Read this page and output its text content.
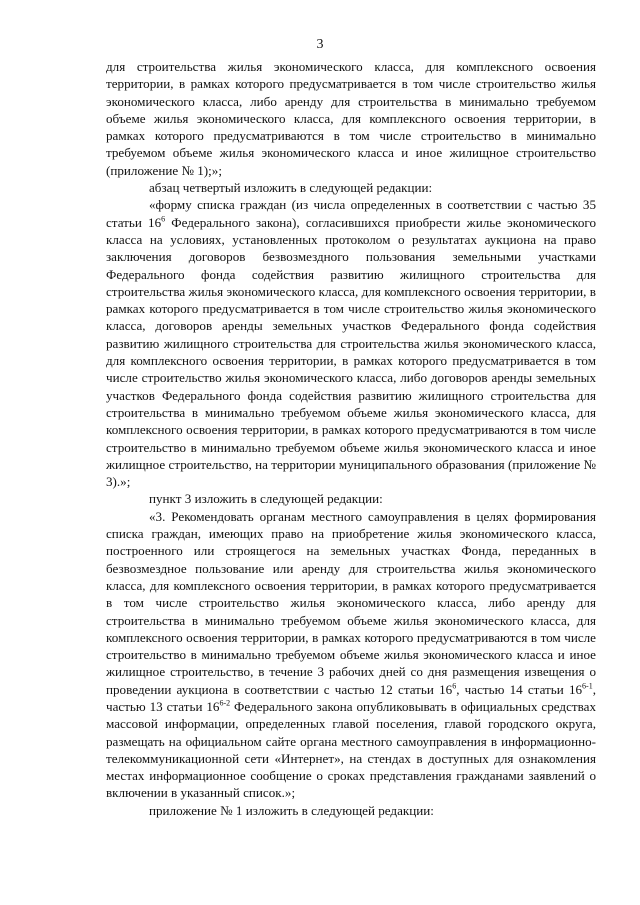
3

для строительства жилья экономического класса, для комплексного освоения территории, в рамках которого предусматривается в том числе строительство жилья экономического класса, либо аренду для строительства в минимально требуемом объеме жилья экономического класса, для комплексного освоения территории, в рамках которого предусматриваются в том числе строительство в минимально требуемом объеме жилья экономического класса и иное жилищное строительство (приложение № 1);»;

абзац четвертый изложить в следующей редакции:

«форму списка граждан (из числа определенных в соответствии с частью 35 статьи $16^6$ Федерального закона), согласившихся приобрести жилье экономического класса на условиях, установленных протоколом о результатах аукциона на право заключения договоров безвозмездного пользования земельными участками Федерального фонда содействия развитию жилищного строительства для строительства жилья экономического класса, для комплексного освоения территории, в рамках которого предусматривается в том числе строительство жилья экономического класса, договоров аренды земельных участков Федерального фонда содействия развитию жилищного строительства для строительства жилья экономического класса, для комплексного освоения территории, в рамках которого предусматривается в том числе строительство жилья экономического класса, либо договоров аренды земельных участков Федерального фонда содействия развитию жилищного строительства для строительства в минимально требуемом объеме жилья экономического класса, для комплексного освоения территории, в рамках которого предусматриваются в том числе строительство в минимально требуемом объеме жилья экономического класса и иное жилищное строительство, на территории муниципального образования (приложение № 3).»;

пункт 3 изложить в следующей редакции:

«3. Рекомендовать органам местного самоуправления в целях формирования списка граждан, имеющих право на приобретение жилья экономического класса, построенного или строящегося на земельных участках Фонда, переданных в безвозмездное пользование или аренду для строительства жилья экономического класса, для комплексного освоения территории, в рамках которого предусматривается в том числе строительство жилья экономического класса, либо аренду для строительства в минимально требуемом объеме жилья экономического класса, для комплексного освоения территории, в рамках которого предусматриваются в том числе строительство в минимально требуемом объеме жилья экономического класса и иное жилищное строительство, в течение 3 рабочих дней со дня размещения извещения о проведении аукциона в соответствии с частью 12 статьи $16^6$, частью 14 статьи 16$^{6-1}$, частью 13 статьи 16$^{6-2}$ Федерального закона опубликовывать в официальных средствах массовой информации, определенных главой поселения, главой городского округа, размещать на официальном сайте органа местного самоуправления в информационно-телекоммуникационной сети «Интернет», на стендах в доступных для ознакомления местах информационное сообщение о сроках представления гражданами заявлений о включении в указанный список.»;

приложение № 1 изложить в следующей редакции:
